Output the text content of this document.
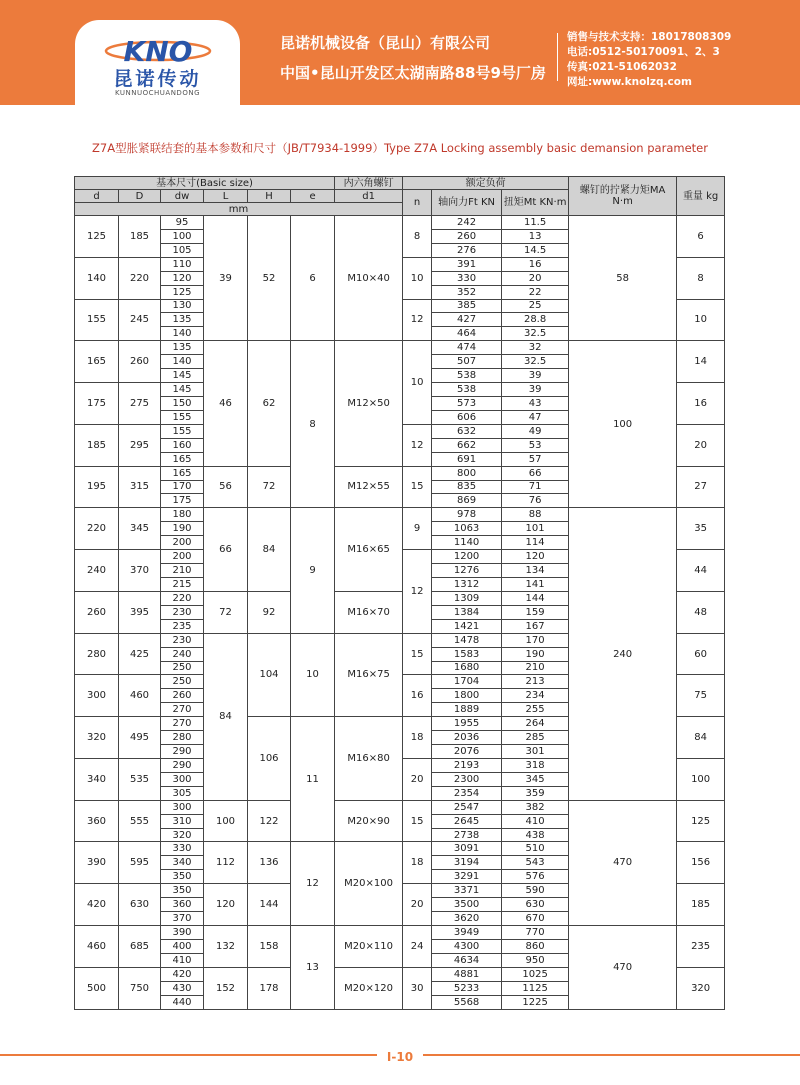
KNO
昆诺传动
KUNNUOCHUANDONG
昆诺机械设备（昆山）有限公司
中国•昆山开发区太湖南路88号9号厂房
销售与技术支持：18017808309
电话:0512-50170091、2、3
传真:021-51062032
网址:www.knolzq.com
Z7A型胀紧联结套的基本参数和尺寸（JB/T7934-1999）Type Z7A Locking assembly basic demansion parameter
基本尺寸(Basic size)						内六角螺钉	额定负荷			螺钉的拧紧力矩MA N·m	重量 kg
d	D	dw	L	H	e	d1	n	轴向力Ft KN	扭矩Mt KN·m		
mm											
125	185	95	39	52	6	M10×40	8	242	11.5	58	6
		100						260	13		
		105						276	14.5		
140	220	110					10	391	16		8
		120						330	20		
		125						352	22		
155	245	130					12	385	25		10
		135						427	28.8		
		140						464	32.5		
165	260	135	46	62	8	M12×50	10	474	32	100	14
		140						507	32.5		
		145						538	39		
175	275	145						538	39		16
		150						573	43		
		155						606	47		
185	295	155					12	632	49		20
		160						662	53		
		165						691	57		
195	315	165	56	72		M12×55	15	800	66		27
		170						835	71		
		175						869	76		
220	345	180	66	84	9	M16×65	9	978	88	240	35
		190						1063	101		
		200						1140	114		
240	370	200					12	1200	120		44
		210						1276	134		
		215						1312	141		
260	395	220	72	92		M16×70		1309	144		48
		230						1384	159		
		235						1421	167		
280	425	230	84	104	10	M16×75	15	1478	170		60
		240						1583	190		
		250						1680	210		
300	460	250					16	1704	213		75
		260						1800	234		
		270						1889	255		
320	495	270		106	11	M16×80	18	1955	264		84
		280						2036	285		
		290						2076	301		
340	535	290					20	2193	318		100
		300						2300	345		
		305						2354	359		
360	555	300	100	122		M20×90	15	2547	382	470	125
		310						2645	410		
		320						2738	438		
390	595	330	112	136	12	M20×100	18	3091	510		156
		340						3194	543		
		350						3291	576		
420	630	350	120	144			20	3371	590		185
		360						3500	630		
		370						3620	670		
460	685	390	132	158	13	M20×110	24	3949	770	470	235
		400						4300	860		
		410						4634	950		
500	750	420	152	178		M20×120	30	4881	1025		320
		430						5233	1125		
		440						5568	1225		
I-10
